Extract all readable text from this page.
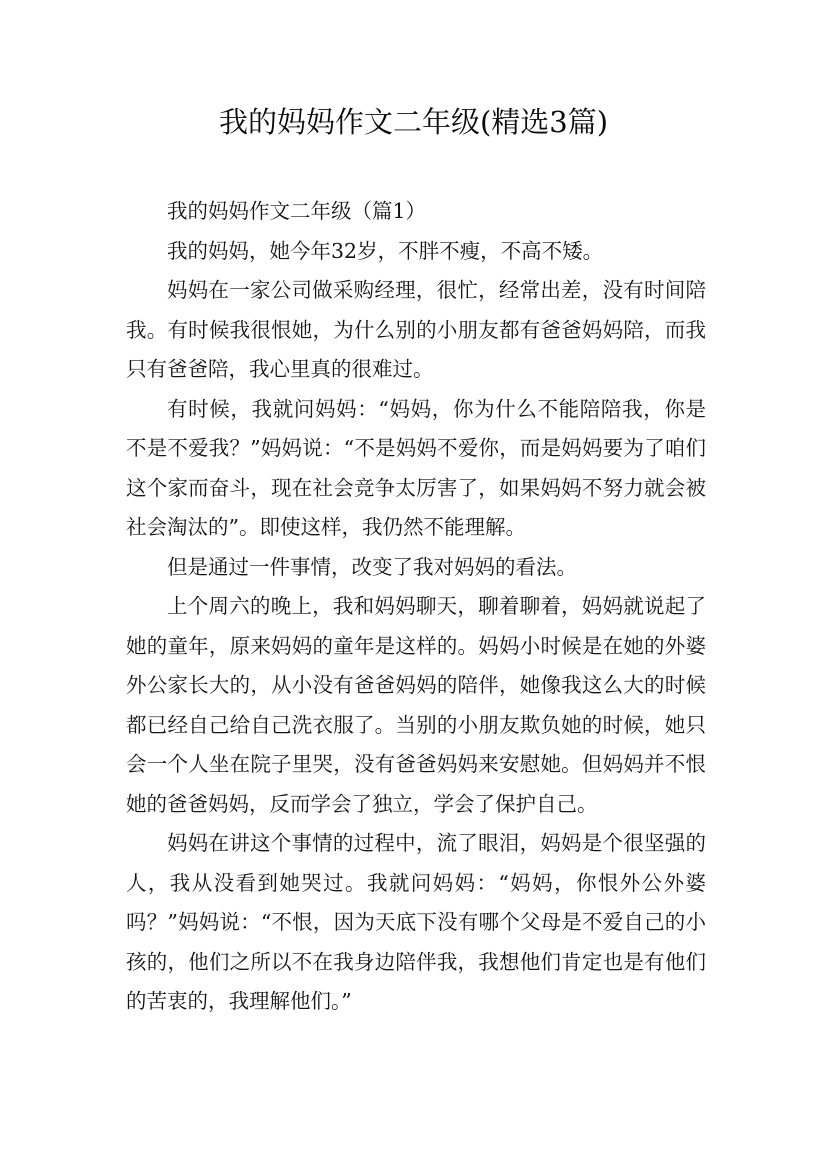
我的妈妈作文二年级(精选3篇)

我的妈妈作文二年级（篇1）

我的妈妈，她今年32岁，不胖不瘦，不高不矮。

妈妈在一家公司做采购经理，很忙，经常出差，没有时间陪我。有时候我很恨她，为什么别的小朋友都有爸爸妈妈陪，而我只有爸爸陪，我心里真的很难过。

有时候，我就问妈妈：“妈妈，你为什么不能陪陪我，你是不是不爱我？”妈妈说：“不是妈妈不爱你，而是妈妈要为了咱们这个家而奋斗，现在社会竞争太厉害了，如果妈妈不努力就会被社会淘汰的”。即使这样，我仍然不能理解。

但是通过一件事情，改变了我对妈妈的看法。

上个周六的晚上，我和妈妈聊天，聊着聊着，妈妈就说起了她的童年，原来妈妈的童年是这样的。妈妈小时候是在她的外婆外公家长大的，从小没有爸爸妈妈的陪伴，她像我这么大的时候都已经自己给自己洗衣服了。当别的小朋友欺负她的时候，她只会一个人坐在院子里哭，没有爸爸妈妈来安慰她。但妈妈并不恨她的爸爸妈妈，反而学会了独立，学会了保护自己。

妈妈在讲这个事情的过程中，流了眼泪，妈妈是个很坚强的人，我从没看到她哭过。我就问妈妈：“妈妈，你恨外公外婆吗？”妈妈说：“不恨，因为天底下没有哪个父母是不爱自己的小孩的，他们之所以不在我身边陪伴我，我想他们肯定也是有他们的苦衷的，我理解他们。”
